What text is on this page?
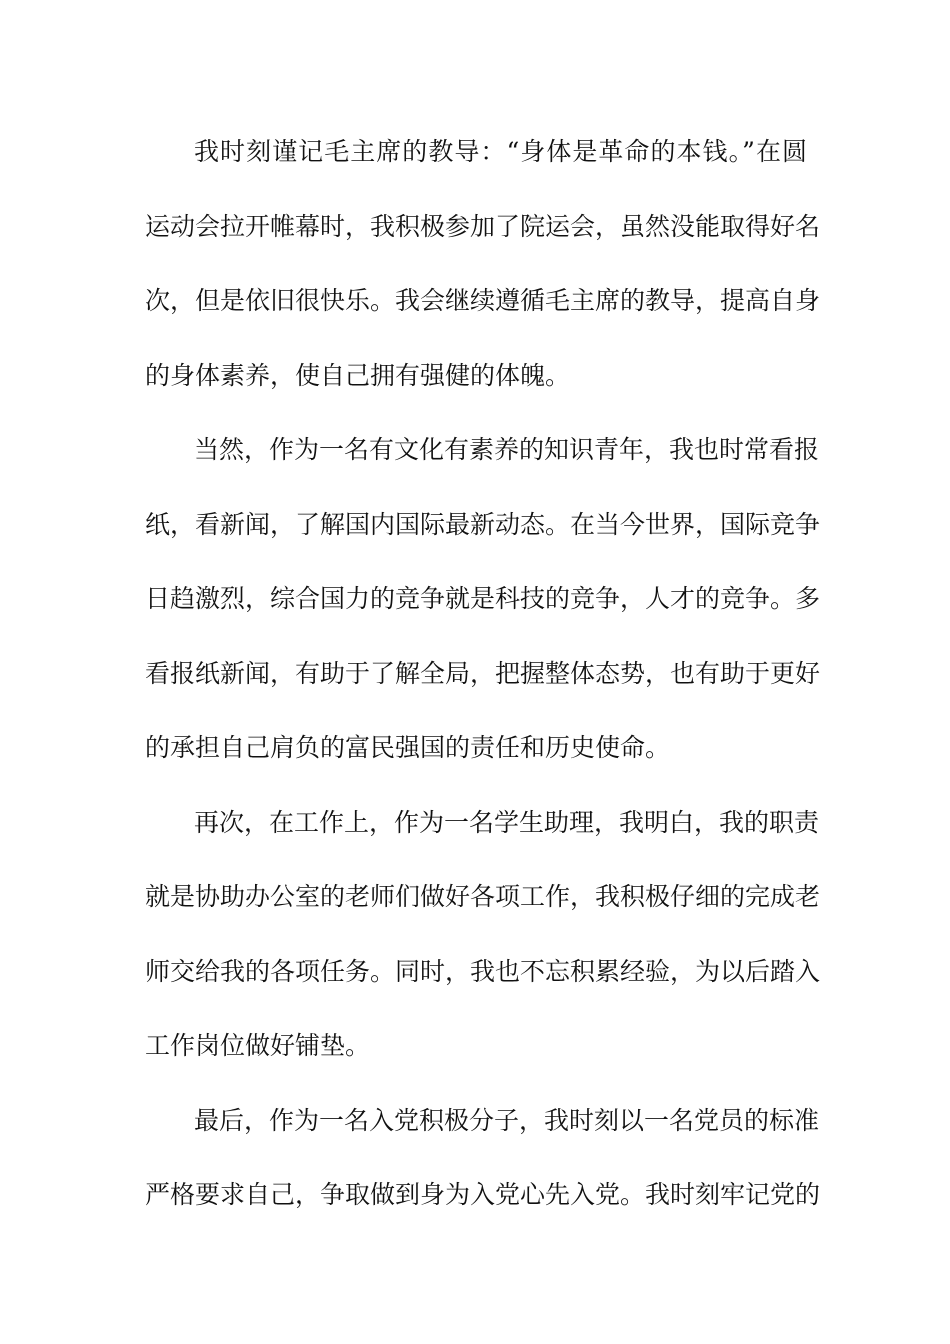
我时刻谨记毛主席的教导：“身体是革命的本钱。”在圆
运动会拉开帷幕时，我积极参加了院运会，虽然没能取得好名
次，但是依旧很快乐。我会继续遵循毛主席的教导，提高自身
的身体素养，使自己拥有强健的体魄。
当然，作为一名有文化有素养的知识青年，我也时常看报
纸，看新闻，了解国内国际最新动态。在当今世界，国际竞争
日趋激烈，综合国力的竞争就是科技的竞争，人才的竞争。多
看报纸新闻，有助于了解全局，把握整体态势，也有助于更好
的承担自己肩负的富民强国的责任和历史使命。
再次，在工作上，作为一名学生助理，我明白，我的职责
就是协助办公室的老师们做好各项工作，我积极仔细的完成老
师交给我的各项任务。同时，我也不忘积累经验，为以后踏入
工作岗位做好铺垫。
最后，作为一名入党积极分子，我时刻以一名党员的标准
严格要求自己，争取做到身为入党心先入党。我时刻牢记党的
